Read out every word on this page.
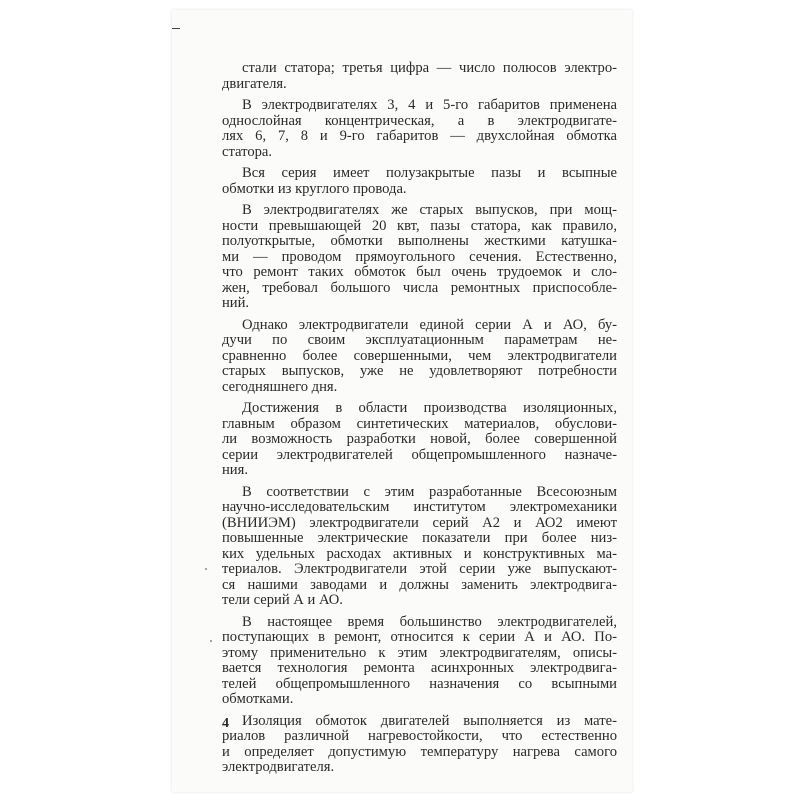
стали статора; третья цифра — число полюсов электро-
двигателя.
В электродвигателях 3, 4 и 5-го габаритов применена
однослойная концентрическая, а в электродвигате-
лях 6, 7, 8 и 9-го габаритов — двухслойная обмотка
статора.
Вся серия имеет полузакрытые пазы и всыпные
обмотки из круглого провода.
В электродвигателях же старых выпусков, при мощ-
ности превышающей 20 квт, пазы статора, как правило,
полуоткрытые, обмотки выполнены жесткими катушка-
ми — проводом прямоугольного сечения. Естественно,
что ремонт таких обмоток был очень трудоемок и сло-
жен, требовал большого числа ремонтных приспособле-
ний.
Однако электродвигатели единой серии А и АО, бу-
дучи по своим эксплуатационным параметрам не-
сравненно более совершенными, чем электродвигатели
старых выпусков, уже не удовлетворяют потребности
сегодняшнего дня.
Достижения в области производства изоляционных,
главным образом синтетических материалов, обуслови-
ли возможность разработки новой, более совершенной
серии электродвигателей общепромышленного назначе-
ния.
В соответствии с этим разработанные Всесоюзным
научно-исследовательским институтом электромеханики
(ВНИИЭМ) электродвигатели серий А2 и АО2 имеют
повышенные электрические показатели при более низ-
ких удельных расходах активных и конструктивных ма-
териалов. Электродвигатели этой серии уже выпускают-
ся нашими заводами и должны заменить электродвига-
тели серий А и АО.
В настоящее время большинство электродвигателей,
поступающих в ремонт, относится к серии А и АО. По-
этому применительно к этим электродвигателям, описы-
вается технология ремонта асинхронных электродвига-
телей общепромышленного назначения со всыпными
обмотками.
Изоляция обмоток двигателей выполняется из мате-
риалов различной нагревостойкости, что естественно
и определяет допустимую температуру нагрева самого
электродвигателя.
4
